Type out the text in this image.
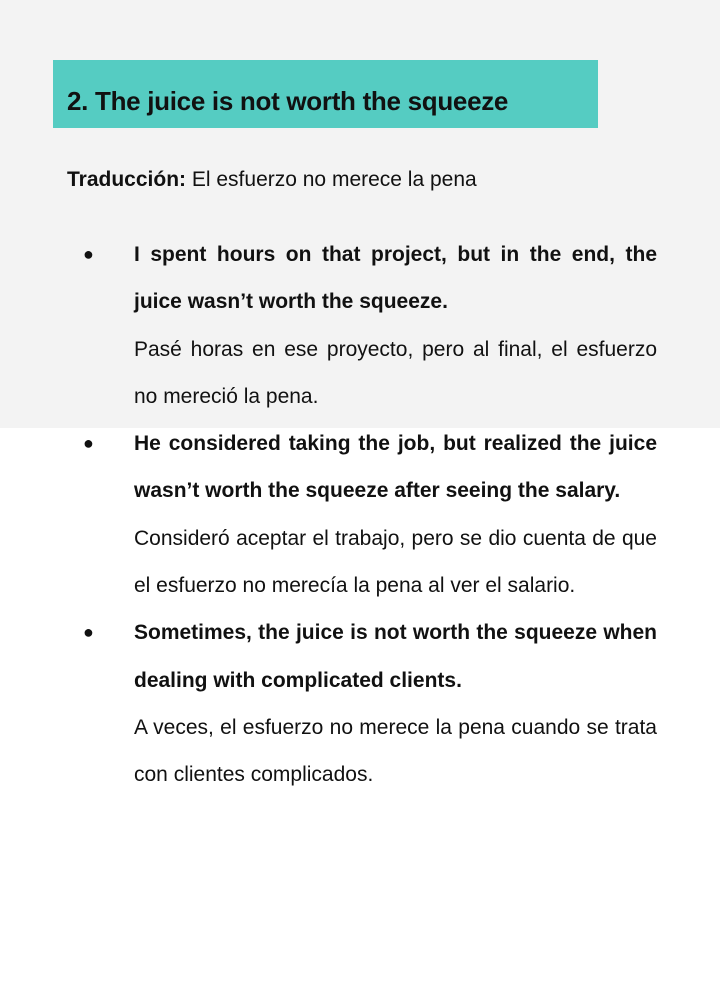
2. The juice is not worth the squeeze
Traducción: El esfuerzo no merece la pena
● I spent hours on that project, but in the end, the juice wasn’t worth the squeeze.
Pasé horas en ese proyecto, pero al final, el esfuerzo no mereció la pena.
● He considered taking the job, but realized the juice wasn’t worth the squeeze after seeing the salary.
Consideró aceptar el trabajo, pero se dio cuenta de que el esfuerzo no merecía la pena al ver el salario.
● Sometimes, the juice is not worth the squeeze when dealing with complicated clients.
A veces, el esfuerzo no merece la pena cuando se trata con clientes complicados.
